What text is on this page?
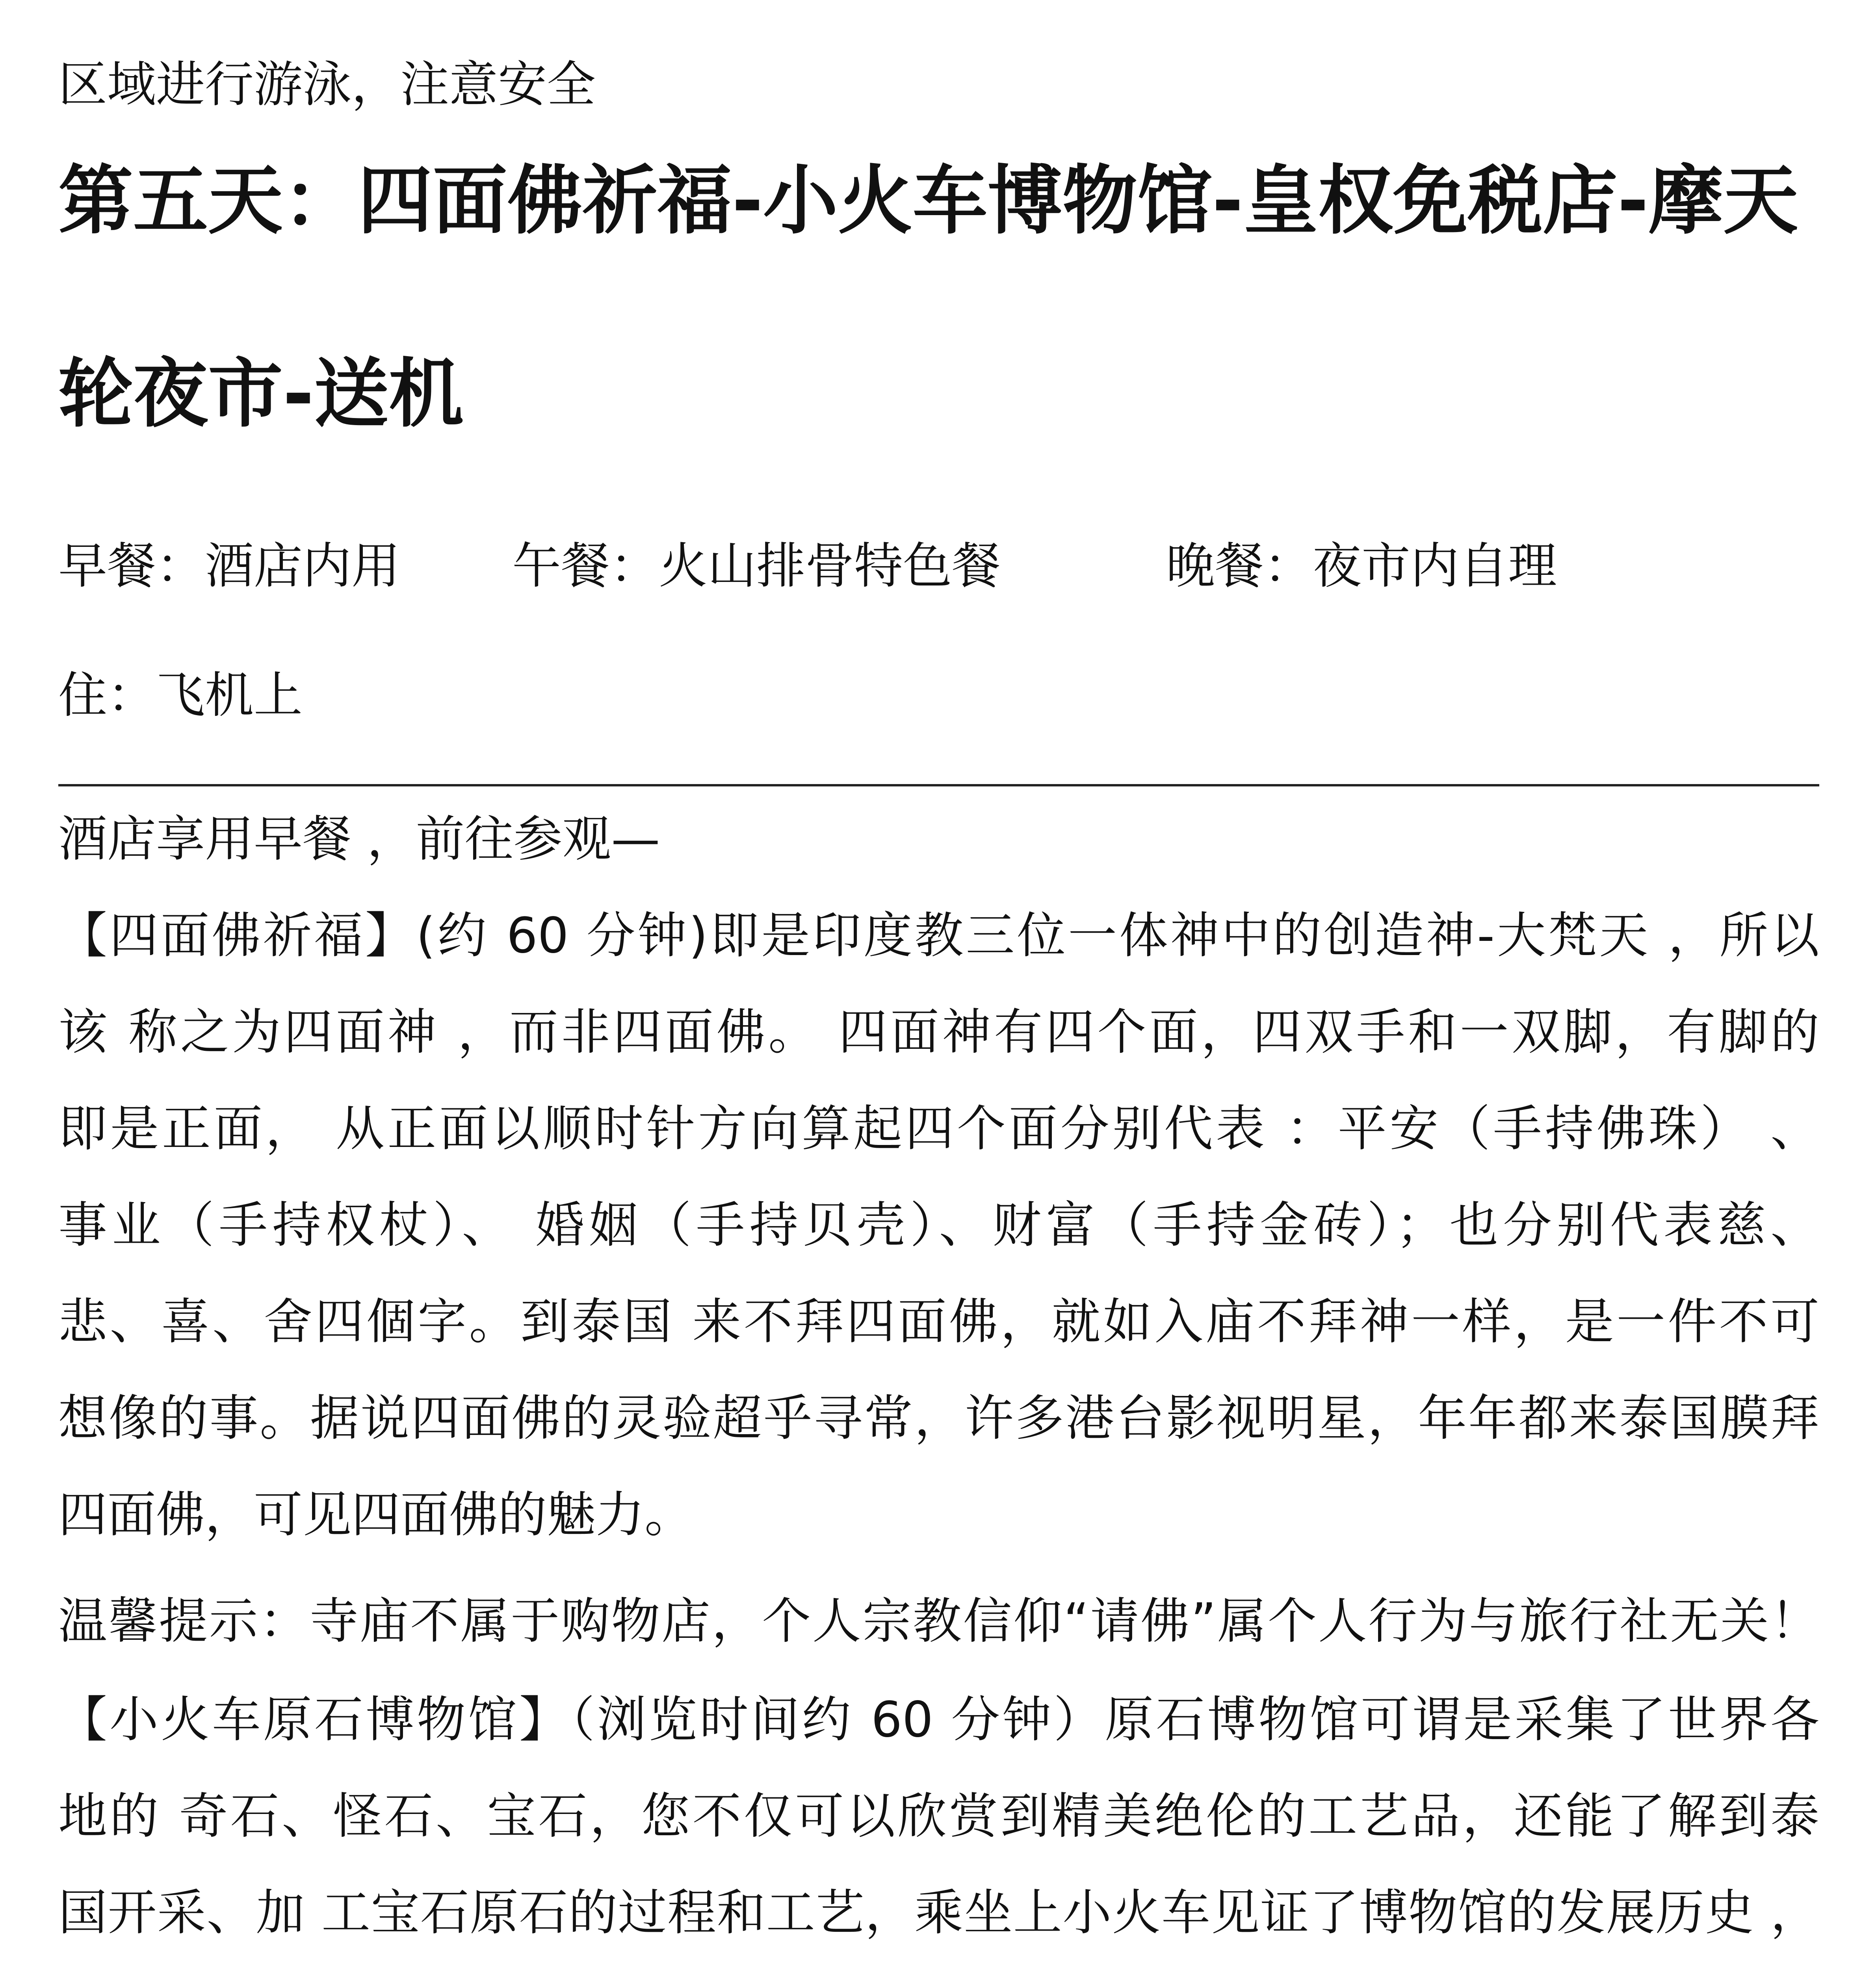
区域进行游泳，注意安全
第五天：四面佛祈福-小火车博物馆-皇权免税店-摩天
轮夜市-送机
早餐：酒店内用 午餐：火山排骨特色餐	晚餐：夜市内自理
住：飞机上
酒店享用早餐 ，前往参观—
【四面佛祈福】(约 60 分钟)即是印度教三位一体神中的创造神-大梵天 ，所以
该 称之为四面神 ，而非四面佛。 四面神有四个面，四双手和一双脚，有脚的
即是正面， 从正面以顺时针方向算起四个面分别代表 ：平安（手持佛珠） 、
事业（手持权杖）、 婚姻（手持贝壳）、财富（手持金砖）；也分别代表慈、
悲、喜、舍四個字。到泰国 来不拜四面佛，就如入庙不拜神一样，是一件不可
想像的事。据说四面佛的灵验超乎寻常，许多港台影视明星，年年都来泰国膜拜
四面佛，可见四面佛的魅力。
温馨提示：寺庙不属于购物店，个人宗教信仰“请佛”属个人行为与旅行社无关！
【小火车原石博物馆】（浏览时间约 60 分钟）原石博物馆可谓是采集了世界各
地的 奇石、怪石、宝石，您不仅可以欣赏到精美绝伦的工艺品，还能了解到泰
国开采、加 工宝石原石的过程和工艺，乘坐上小火车见证了博物馆的发展历史 ，
